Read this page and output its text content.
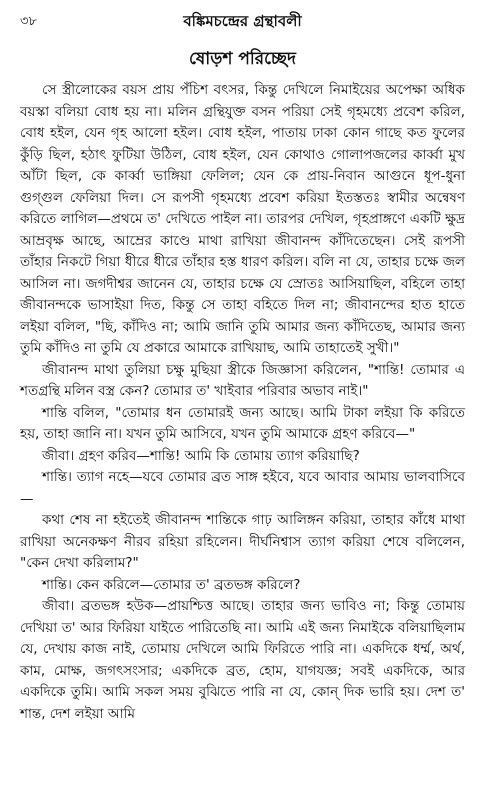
৩৮	বঙ্কিমচন্দ্রের গ্রন্থাবলী
ষোড়শ পরিচ্ছেদ

সে স্ত্রীলোকের বয়স প্রায় পঁচিশ বৎসর, কিন্তু দেখিলে নিমাইয়ের অপেক্ষা অধিক বয়স্কা বলিয়া বোধ হয় না। মলিন গ্রন্থিযুক্ত বসন পরিয়া সেই গৃহমধ্যে প্রবেশ করিল, বোধ হইল, যেন গৃহ আলো হইল। বোধ হইল, পাতায় ঢাকা কোন গাছে কত ফুলের কুঁড়ি ছিল, হঠাৎ ফুটিয়া উঠিল, বোধ হইল, যেন কোথাও গোলাপজলের কার্ব্বা মুখ আঁটা ছিল, কে কার্ব্বা ভাঙ্গিয়া ফেলিল; যেন কে প্রায়-নিবান আগুনে ধূপ-ধুনা গুগ্গুল ফেলিয়া দিল। সে রূপসী গৃহমধ্যে প্রবেশ করিয়া ইতস্ততঃ স্বামীর অন্বেষণ করিতে লাগিল—প্রথমে ত' দেখিতে পাইল না। তারপর দেখিল, গৃহপ্রাঙ্গণে একটি ক্ষুদ্র আম্রবৃক্ষ আছে, আম্রের কাণ্ডে মাথা রাখিয়া জীবানন্দ কাঁদিতেছেন। সেই রূপসী তাঁহার নিকটে গিয়া ধীরে ধীরে তাঁহার হস্ত ধারণ করিল। বলি না যে, তাহার চক্ষে জল আসিল না। জগদীশ্বর জানেন যে, তাহার চক্ষে যে স্রোতঃ আসিয়াছিল, বহিলে তাহা জীবানন্দকে ভাসাইয়া দিত, কিন্তু সে তাহা বহিতে দিল না; জীবানন্দের হাত হাতে লইয়া বলিল, "ছি, কাঁদিও না; আমি জানি তুমি আমার জন্য কাঁদিতেছ, আমার জন্য তুমি কাঁদিও না তুমি যে প্রকারে আমাকে রাখিয়াছ, আমি তাহাতেই সুখী।"

জীবানন্দ মাথা তুলিয়া চক্ষু মুছিয়া স্ত্রীকে জিজ্ঞাসা করিলেন, "শান্তি! তোমার এ শতগ্রন্থি মলিন বস্ত্র কেন? তোমার ত' খাইবার পরিবার অভাব নাই।"

শান্তি বলিল, "তোমার ধন তোমারই জন্য আছে। আমি টাকা লইয়া কি করিতে হয়, তাহা জানি না। যখন তুমি আসিবে, যখন তুমি আমাকে গ্রহণ করিবে—"

জীবা। গ্রহণ করিব—শান্তি! আমি কি তোমায় ত্যাগ করিয়াছি?

শান্তি। ত্যাগ নহে—যবে তোমার ব্রত সাঙ্গ হইবে, যবে আবার আমায় ভালবাসিবে—

কথা শেষ না হইতেই জীবানন্দ শান্তিকে গাঢ় আলিঙ্গন করিয়া, তাহার কাঁধে মাথা রাখিয়া অনেকক্ষণ নীরব রহিয়া রহিলেন। দীর্ঘনিশ্বাস ত্যাগ করিয়া শেষে বলিলেন, "কেন দেখা করিলাম?"

শান্তি। কেন করিলে—তোমার ত' ব্রতভঙ্গ করিলে?

জীবা। ব্রতভঙ্গ হউক—প্রায়শ্চিত্ত আছে। তাহার জন্য ভাবিও না; কিন্তু তোমায় দেখিয়া ত' আর ফিরিয়া যাইতে পারিতেছি না। আমি এই জন্য নিমাইকে বলিয়াছিলাম যে, দেখায় কাজ নাই, তোমায় দেখিলে আমি ফিরিতে পারি না। একদিকে ধর্ম্ম, অর্থ, কাম, মোক্ষ, জগৎসংসার; একদিকে ব্রত, হোম, যাগযজ্ঞ; সবই একদিকে, আর একদিকে তুমি। আমি সকল সময় বুঝিতে পারি না যে, কোন্ দিক ভারি হয়। দেশ ত' শান্ত, দেশ লইয়া আমি
